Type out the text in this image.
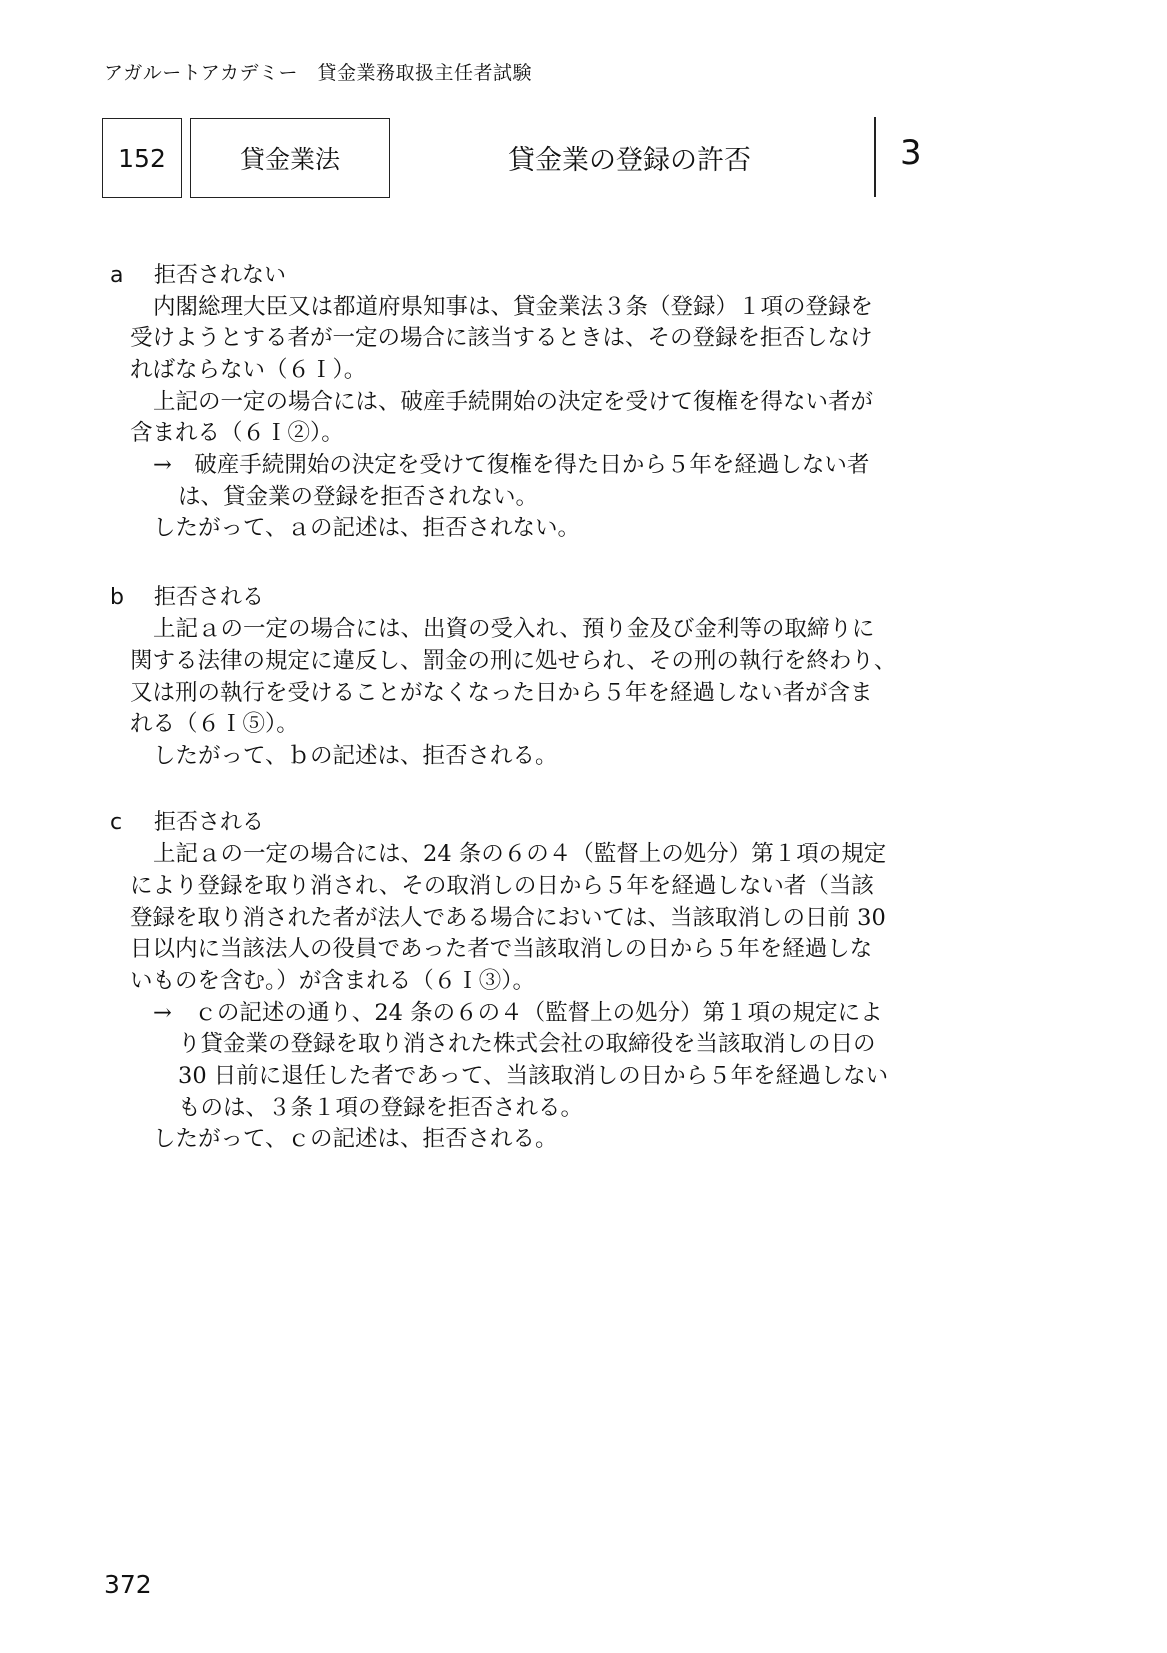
アガルートアカデミー　貸金業務取扱主任者試験
152	貸金業法	貸金業の登録の許否	3
a 拒否されない
内閣総理大臣又は都道府県知事は、貸金業法３条（登録）１項の登録を
受けようとする者が一定の場合に該当するときは、その登録を拒否しなけ
ればならない（６Ｉ）。
上記の一定の場合には、破産手続開始の決定を受けて復権を得ない者が
含まれる（６Ｉ②）。
→　破産手続開始の決定を受けて復権を得た日から５年を経過しない者
は、貸金業の登録を拒否されない。
したがって、ａの記述は、拒否されない。
b 拒否される
上記ａの一定の場合には、出資の受入れ、預り金及び金利等の取締りに
関する法律の規定に違反し、罰金の刑に処せられ、その刑の執行を終わり、
又は刑の執行を受けることがなくなった日から５年を経過しない者が含ま
れる（６Ｉ⑤）。
したがって、ｂの記述は、拒否される。
c 拒否される
上記ａの一定の場合には、24 条の６の４（監督上の処分）第１項の規定
により登録を取り消され、その取消しの日から５年を経過しない者（当該
登録を取り消された者が法人である場合においては、当該取消しの日前 30
日以内に当該法人の役員であった者で当該取消しの日から５年を経過しな
いものを含む。）が含まれる（６Ｉ③）。
→　ｃの記述の通り、24 条の６の４（監督上の処分）第１項の規定によ
り貸金業の登録を取り消された株式会社の取締役を当該取消しの日の
30 日前に退任した者であって、当該取消しの日から５年を経過しない
ものは、３条１項の登録を拒否される。
したがって、ｃの記述は、拒否される。
372
